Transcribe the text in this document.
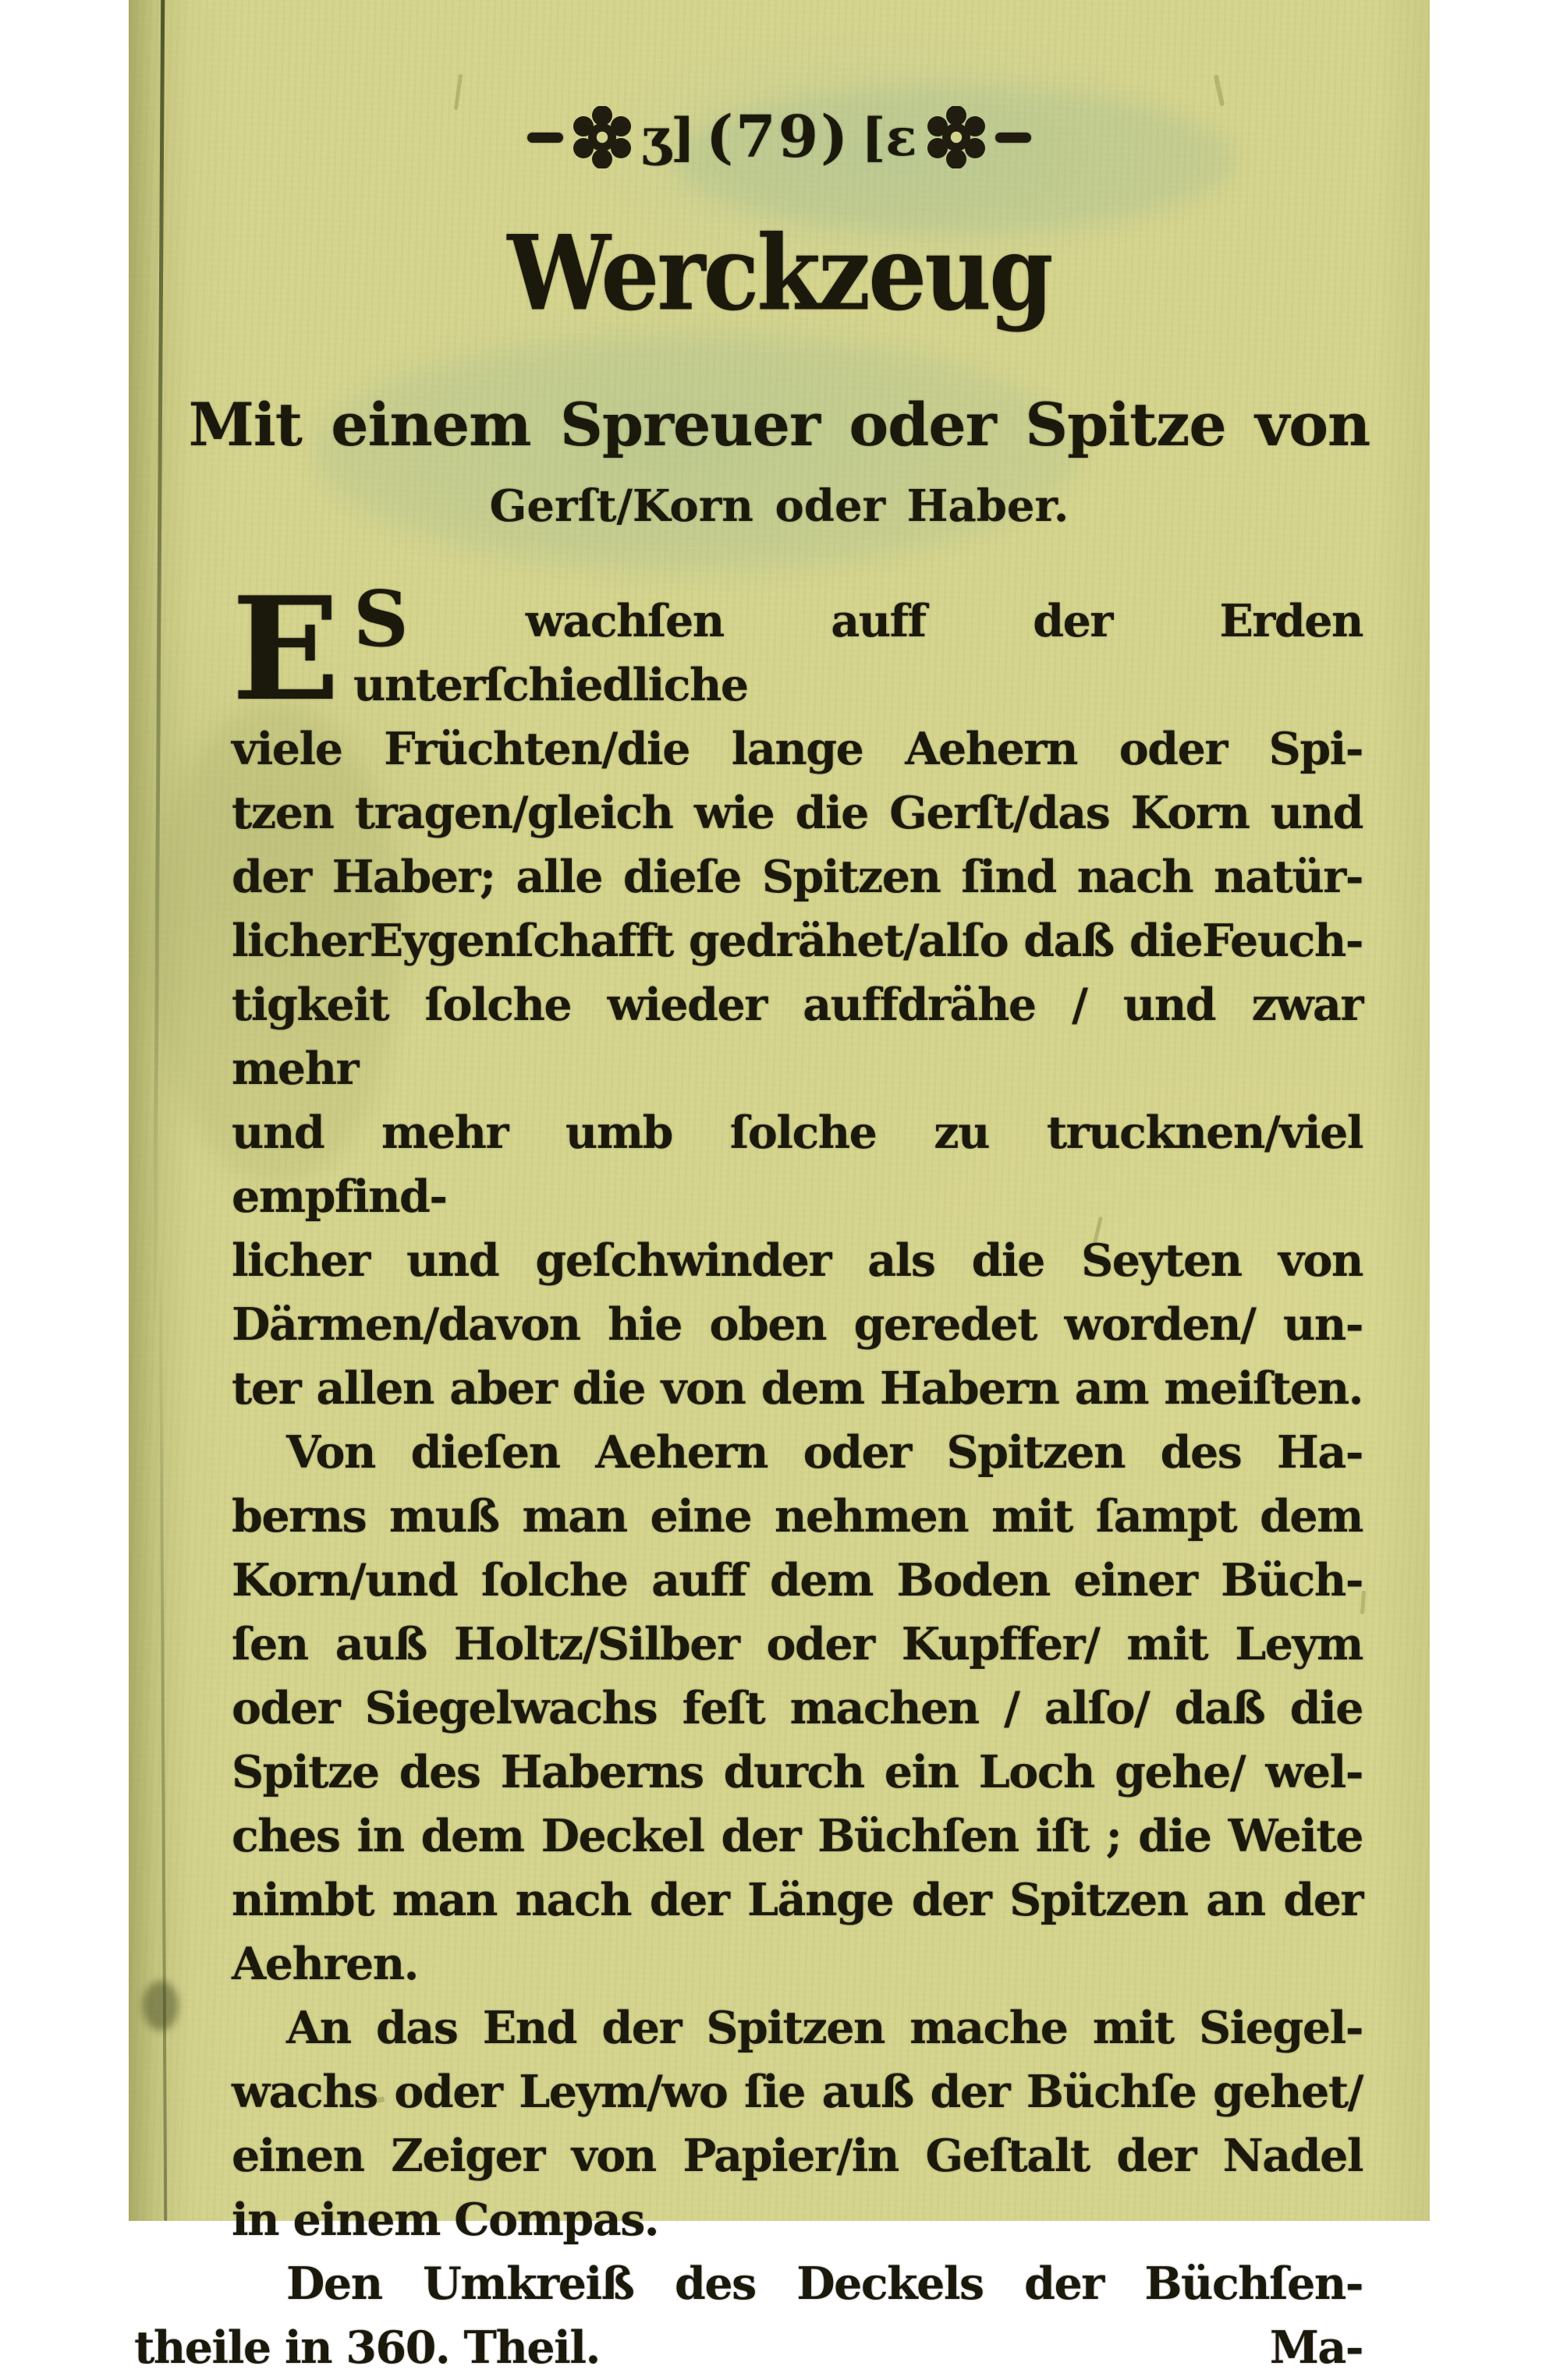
ʒ] (79) [ɛ
Werckzeug
Mit einem Spreuer oder Spitze von
Gerſt/Korn oder Haber.
E S	wachſen auff der Erden unterſchiedliche
viele Früchten/die lange Aehern oder Spi-
tzen tragen/gleich wie die Gerſt/das Korn und
der Haber; alle dieſe Spitzen ſind nach natür-
licherEygenſchafft gedrähet/alſo daß dieFeuch-
tigkeit ſolche wieder auffdrähe / und zwar mehr
und mehr umb ſolche zu trucknen/viel empfind-
licher und geſchwinder als die Seyten von
Därmen/davon hie oben geredet worden/ un-
ter allen aber die von dem Habern am meiſten.
Von dieſen Aehern oder Spitzen des Ha-
berns muß man eine nehmen mit ſampt dem
Korn/und ſolche auff dem Boden einer Büch-
ſen auß Holtz/Silber oder Kupffer/ mit Leym
oder Siegelwachs feſt machen / alſo/ daß die
Spitze des Haberns durch ein Loch gehe/ wel-
ches in dem Deckel der Büchſen iſt ; die Weite
nimbt man nach der Länge der Spitzen an der
Aehren.
An das End der Spitzen mache mit Siegel-
wachs oder Leym/wo ſie auß der Büchſe gehet/
einen Zeiger von Papier/in Geſtalt der Nadel
in einem Compas.
Den Umkreiß des Deckels der Büchſen-
theile in 360. Theil.	Ma-
